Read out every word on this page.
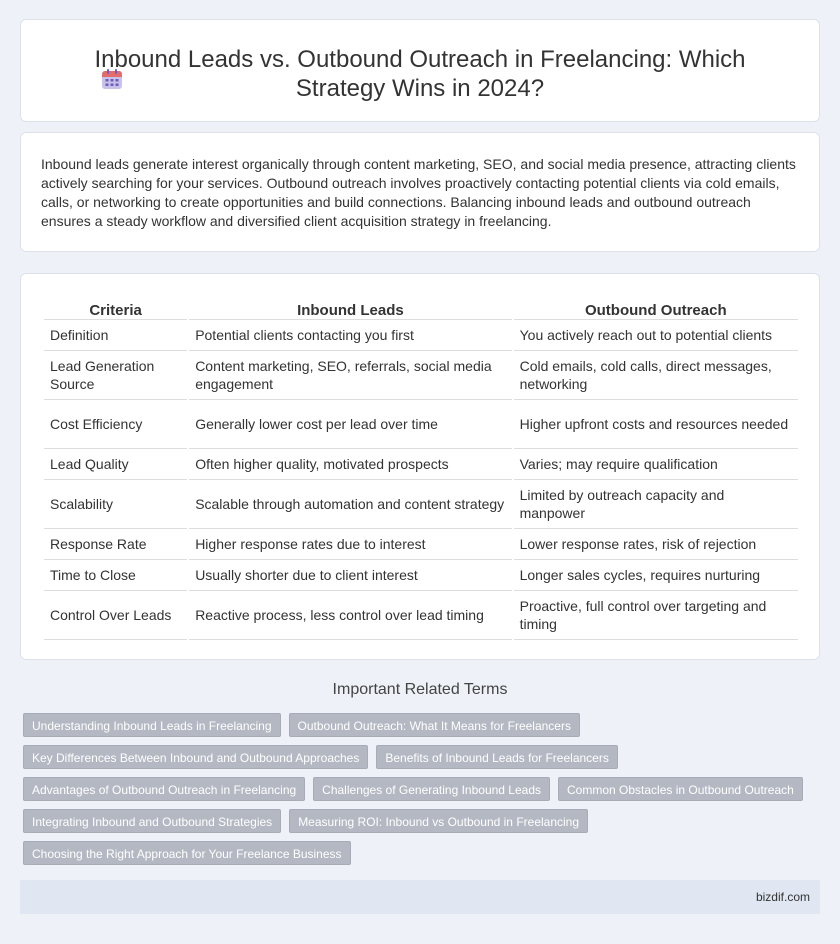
Inbound Leads vs. Outbound Outreach in Freelancing: Which Strategy Wins in 2024?

Inbound leads generate interest organically through content marketing, SEO, and social media presence, attracting clients actively searching for your services. Outbound outreach involves proactively contacting potential clients via cold emails, calls, or networking to create opportunities and build connections. Balancing inbound leads and outbound outreach ensures a steady workflow and diversified client acquisition strategy in freelancing.

Criteria	Inbound Leads	Outbound Outreach
Definition	Potential clients contacting you first	You actively reach out to potential clients
Lead Generation Source	Content marketing, SEO, referrals, social media engagement	Cold emails, cold calls, direct messages, networking
Cost Efficiency	Generally lower cost per lead over time	Higher upfront costs and resources needed
Lead Quality	Often higher quality, motivated prospects	Varies; may require qualification
Scalability	Scalable through automation and content strategy	Limited by outreach capacity and manpower
Response Rate	Higher response rates due to interest	Lower response rates, risk of rejection
Time to Close	Usually shorter due to client interest	Longer sales cycles, requires nurturing
Control Over Leads	Reactive process, less control over lead timing	Proactive, full control over targeting and timing
Important Related Terms
Understanding Inbound Leads in Freelancing	Outbound Outreach: What It Means for Freelancers
Key Differences Between Inbound and Outbound Approaches	Benefits of Inbound Leads for Freelancers
Advantages of Outbound Outreach in Freelancing	Challenges of Generating Inbound Leads	Common Obstacles in Outbound Outreach
Integrating Inbound and Outbound Strategies	Measuring ROI: Inbound vs Outbound in Freelancing
Choosing the Right Approach for Your Freelance Business
bizdif.com
